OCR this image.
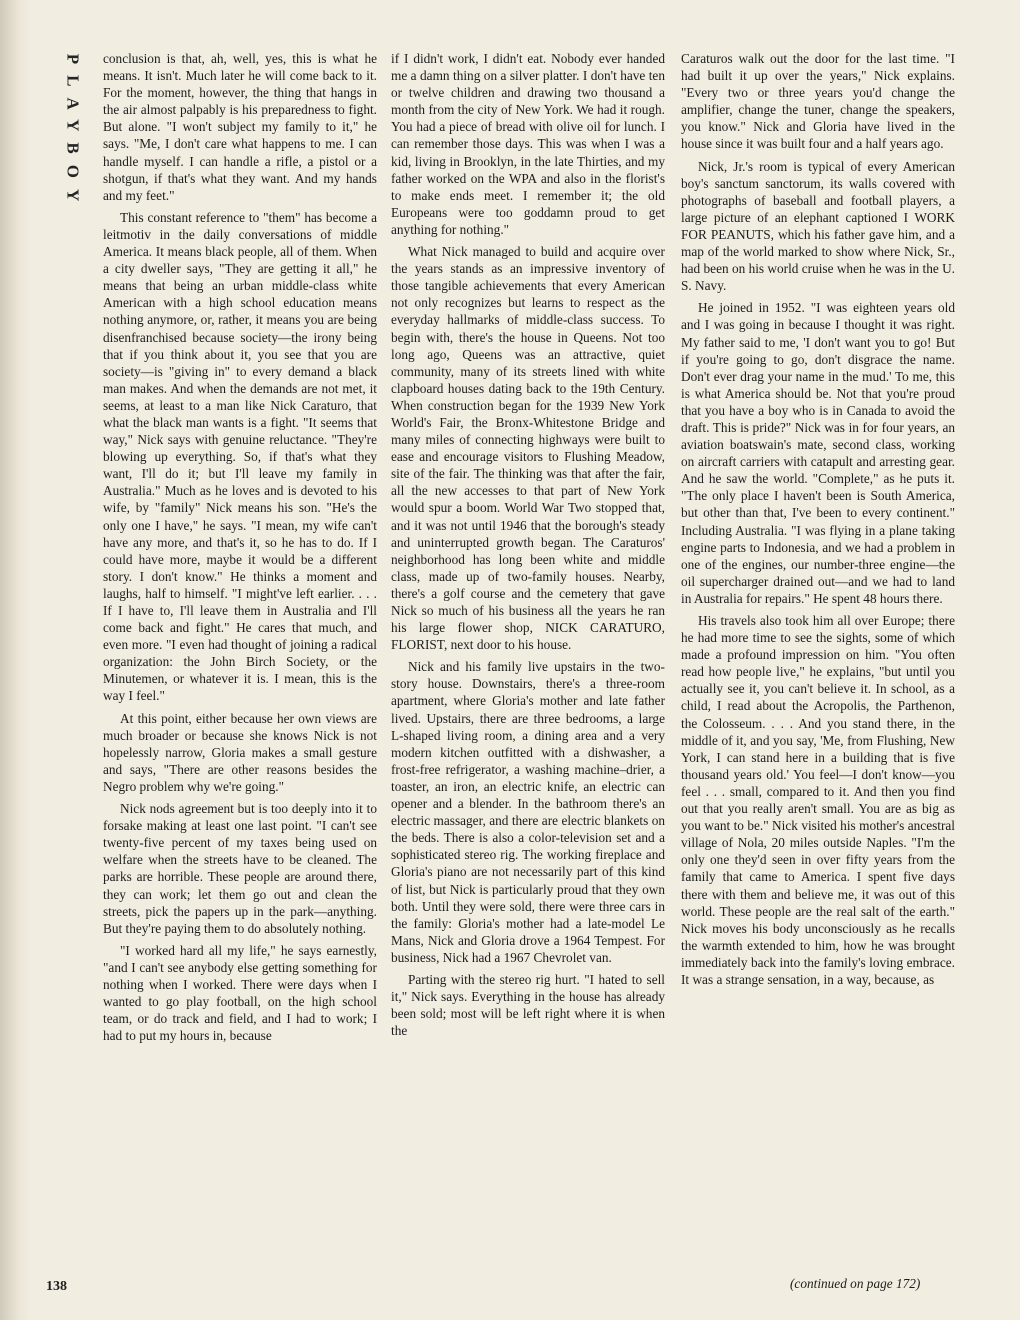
PLAYBOY conclusion is that, ah, well, yes, this is what he means. It isn't. Much later he will come back to it. For the moment, however, the thing that hangs in the air almost palpably is his preparedness to fight. But alone. "I won't subject my family to it," he says. "Me, I don't care what happens to me. I can handle myself. I can handle a rifle, a pistol or a shotgun, if that's what they want. And my hands and my feet."

This constant reference to "them" has become a leitmotiv in the daily conversations of middle America. It means black people, all of them. When a city dweller says, "They are getting it all," he means that being an urban middle-class white American with a high school education means nothing anymore, or, rather, it means you are being disenfranchised because society—the irony being that if you think about it, you see that you are society—is "giving in" to every demand a black man makes. And when the demands are not met, it seems, at least to a man like Nick Caraturo, that what the black man wants is a fight. "It seems that way," Nick says with genuine reluctance. "They're blowing up everything. So, if that's what they want, I'll do it; but I'll leave my family in Australia." Much as he loves and is devoted to his wife, by "family" Nick means his son. "He's the only one I have," he says. "I mean, my wife can't have any more, and that's it, so he has to do. If I could have more, maybe it would be a different story. I don't know." He thinks a moment and laughs, half to himself. "I might've left earlier. . . . If I have to, I'll leave them in Australia and I'll come back and fight." He cares that much, and even more. "I even had thought of joining a radical organization: the John Birch Society, or the Minutemen, or whatever it is. I mean, this is the way I feel."

At this point, either because her own views are much broader or because she knows Nick is not hopelessly narrow, Gloria makes a small gesture and says, "There are other reasons besides the Negro problem why we're going."

Nick nods agreement but is too deeply into it to forsake making at least one last point. "I can't see twenty-five percent of my taxes being used on welfare when the streets have to be cleaned. The parks are horrible. These people are around there, they can work; let them go out and clean the streets, pick the papers up in the park—anything. But they're paying them to do absolutely nothing.

"I worked hard all my life," he says earnestly, "and I can't see anybody else getting something for nothing when I worked. There were days when I wanted to go play football, on the high school team, or do track and field, and I had to work; I had to put my hours in, because

if I didn't work, I didn't eat. Nobody ever handed me a damn thing on a silver platter. I don't have ten or twelve children and drawing two thousand a month from the city of New York. We had it rough. You had a piece of bread with olive oil for lunch. I can remember those days. This was when I was a kid, living in Brooklyn, in the late Thirties, and my father worked on the WPA and also in the florist's to make ends meet. I remember it; the old Europeans were too goddamn proud to get anything for nothing."

What Nick managed to build and acquire over the years stands as an impressive inventory of those tangible achievements that every American not only recognizes but learns to respect as the everyday hallmarks of middle-class success. To begin with, there's the house in Queens. Not too long ago, Queens was an attractive, quiet community, many of its streets lined with white clapboard houses dating back to the 19th Century. When construction began for the 1939 New York World's Fair, the Bronx-Whitestone Bridge and many miles of connecting highways were built to ease and encourage visitors to Flushing Meadow, site of the fair. The thinking was that after the fair, all the new accesses to that part of New York would spur a boom. World War Two stopped that, and it was not until 1946 that the borough's steady and uninterrupted growth began. The Caraturos' neighborhood has long been white and middle class, made up of two-family houses. Nearby, there's a golf course and the cemetery that gave Nick so much of his business all the years he ran his large flower shop, NICK CARATURO, FLORIST, next door to his house.

Nick and his family live upstairs in the two-story house. Downstairs, there's a three-room apartment, where Gloria's mother and late father lived. Upstairs, there are three bedrooms, a large L-shaped living room, a dining area and a very modern kitchen outfitted with a dishwasher, a frost-free refrigerator, a washing machine–drier, a toaster, an iron, an electric knife, an electric can opener and a blender. In the bathroom there's an electric massager, and there are electric blankets on the beds. There is also a color-television set and a sophisticated stereo rig. The working fireplace and Gloria's piano are not necessarily part of this kind of list, but Nick is particularly proud that they own both. Until they were sold, there were three cars in the family: Gloria's mother had a late-model Le Mans, Nick and Gloria drove a 1964 Tempest. For business, Nick had a 1967 Chevrolet van.

Parting with the stereo rig hurt. "I hated to sell it," Nick says. Everything in the house has already been sold; most will be left right where it is when the

Caraturos walk out the door for the last time. "I had built it up over the years," Nick explains. "Every two or three years you'd change the amplifier, change the tuner, change the speakers, you know." Nick and Gloria have lived in the house since it was built four and a half years ago.

Nick, Jr.'s room is typical of every American boy's sanctum sanctorum, its walls covered with photographs of baseball and football players, a large picture of an elephant captioned I WORK FOR PEANUTS, which his father gave him, and a map of the world marked to show where Nick, Sr., had been on his world cruise when he was in the U. S. Navy.

He joined in 1952. "I was eighteen years old and I was going in because I thought it was right. My father said to me, 'I don't want you to go! But if you're going to go, don't disgrace the name. Don't ever drag your name in the mud.' To me, this is what America should be. Not that you're proud that you have a boy who is in Canada to avoid the draft. This is pride?" Nick was in for four years, an aviation boatswain's mate, second class, working on aircraft carriers with catapult and arresting gear. And he saw the world. "Complete," as he puts it. "The only place I haven't been is South America, but other than that, I've been to every continent." Including Australia. "I was flying in a plane taking engine parts to Indonesia, and we had a problem in one of the engines, our number-three engine—the oil supercharger drained out—and we had to land in Australia for repairs." He spent 48 hours there.

His travels also took him all over Europe; there he had more time to see the sights, some of which made a profound impression on him. "You often read how people live," he explains, "but until you actually see it, you can't believe it. In school, as a child, I read about the Acropolis, the Parthenon, the Colosseum. . . . And you stand there, in the middle of it, and you say, 'Me, from Flushing, New York, I can stand here in a building that is five thousand years old.' You feel—I don't know—you feel . . . small, compared to it. And then you find out that you really aren't small. You are as big as you want to be." Nick visited his mother's ancestral village of Nola, 20 miles outside Naples. "I'm the only one they'd seen in over fifty years from the family that came to America. I spent five days there with them and believe me, it was out of this world. These people are the real salt of the earth." Nick moves his body unconsciously as he recalls the warmth extended to him, how he was brought immediately back into the family's loving embrace. It was a strange sensation, in a way, because, as

(continued on page 172)
138
